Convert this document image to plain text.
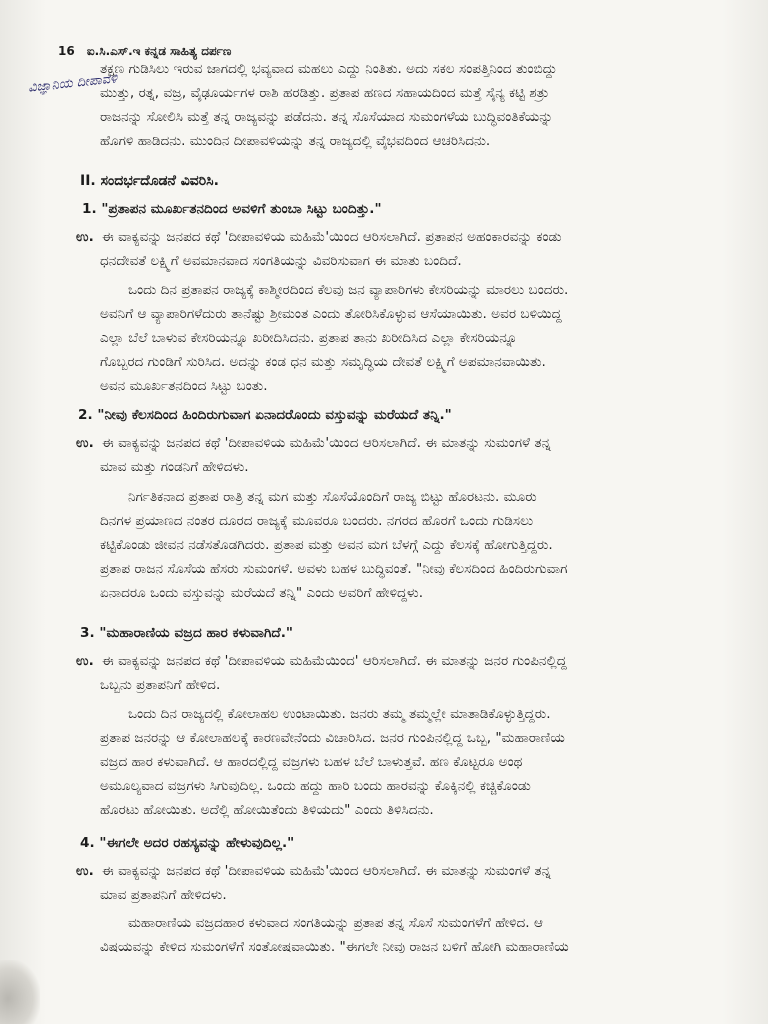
16 ಐ.ಸಿ.ಎಸ್.ಇ ಕನ್ನಡ ಸಾಹಿತ್ಯ ದರ್ಪಣ
ವಿಜ್ಞಾನಿಯ ದೀಪಾವಳಿ
ತಕ್ಷಣ ಗುಡಿಸಿಲು ಇರುವ ಜಾಗದಲ್ಲಿ ಭವ್ಯವಾದ ಮಹಲು ಎದ್ದು ನಿಂತಿತು. ಅದು ಸಕಲ ಸಂಪತ್ತಿನಿಂದ ತುಂಬಿದ್ದು
ಮುತ್ತು, ರತ್ನ, ವಜ್ರ, ವೈಢೂರ್ಯಗಳ ರಾಶಿ ಹರಡಿತ್ತು. ಪ್ರತಾಪ ಹಣದ ಸಹಾಯದಿಂದ ಮತ್ತೆ ಸೈನ್ಯ ಕಟ್ಟಿ ಶತ್ರು
ರಾಜನನ್ನು ಸೋಲಿಸಿ ಮತ್ತೆ ತನ್ನ ರಾಜ್ಯವನ್ನು ಪಡೆದನು. ತನ್ನ ಸೊಸೆಯಾದ ಸುಮಂಗಳೆಯ ಬುದ್ಧಿವಂತಿಕೆಯನ್ನು
ಹೊಗಳಿ ಹಾಡಿದನು. ಮುಂದಿನ ದೀಪಾವಳಿಯನ್ನು ತನ್ನ ರಾಜ್ಯದಲ್ಲಿ ವೈಭವದಿಂದ ಆಚರಿಸಿದನು.
II. ಸಂದರ್ಭದೊಡನೆ ವಿವರಿಸಿ.
1. "ಪ್ರತಾಪನ ಮೂರ್ಖತನದಿಂದ ಅವಳಿಗೆ ತುಂಬಾ ಸಿಟ್ಟು ಬಂದಿತ್ತು."
ಉ. ಈ ವಾಕ್ಯವನ್ನು ಜನಪದ ಕಥೆ 'ದೀಪಾವಳಿಯ ಮಹಿಮೆ'ಯಿಂದ ಆರಿಸಲಾಗಿದೆ. ಪ್ರತಾಪನ ಅಹಂಕಾರವನ್ನು ಕಂಡು
ಧನದೇವತೆ ಲಕ್ಷ್ಮಿಗೆ ಅವಮಾನವಾದ ಸಂಗತಿಯನ್ನು ವಿವರಿಸುವಾಗ ಈ ಮಾತು ಬಂದಿದೆ.
ಒಂದು ದಿನ ಪ್ರತಾಪನ ರಾಜ್ಯಕ್ಕೆ ಕಾಶ್ಮೀರದಿಂದ ಕೆಲವು ಜನ ವ್ಯಾಪಾರಿಗಳು ಕೇಸರಿಯನ್ನು ಮಾರಲು ಬಂದರು.
ಅವನಿಗೆ ಆ ವ್ಯಾಪಾರಿಗಳೆದುರು ತಾನೆಷ್ಟು ಶ್ರೀಮಂತ ಎಂದು ತೋರಿಸಿಕೊಳ್ಳುವ ಆಸೆಯಾಯಿತು. ಅವರ ಬಳಿಯಿದ್ದ
ಎಲ್ಲಾ ಬೆಲೆ ಬಾಳುವ ಕೇಸರಿಯನ್ನೂ ಖರೀದಿಸಿದನು. ಪ್ರತಾಪ ತಾನು ಖರೀದಿಸಿದ ಎಲ್ಲಾ ಕೇಸರಿಯನ್ನೂ
ಗೊಬ್ಬರದ ಗುಂಡಿಗೆ ಸುರಿಸಿದ. ಅದನ್ನು ಕಂಡ ಧನ ಮತ್ತು ಸಮೃದ್ಧಿಯ ದೇವತೆ ಲಕ್ಷ್ಮಿಗೆ ಅಪಮಾನವಾಯಿತು.
ಅವನ ಮೂರ್ಖತನದಿಂದ ಸಿಟ್ಟು ಬಂತು.
2. "ನೀವು ಕೆಲಸದಿಂದ ಹಿಂದಿರುಗುವಾಗ ಏನಾದರೊಂದು ವಸ್ತುವನ್ನು ಮರೆಯದೆ ತನ್ನಿ."
ಉ. ಈ ವಾಕ್ಯವನ್ನು ಜನಪದ ಕಥೆ 'ದೀಪಾವಳಿಯ ಮಹಿಮೆ'ಯಿಂದ ಆರಿಸಲಾಗಿದೆ. ಈ ಮಾತನ್ನು ಸುಮಂಗಳೆ ತನ್ನ
ಮಾವ ಮತ್ತು ಗಂಡನಿಗೆ ಹೇಳಿದಳು.
ನಿರ್ಗತಿಕನಾದ ಪ್ರತಾಪ ರಾತ್ರಿ ತನ್ನ ಮಗ ಮತ್ತು ಸೊಸೆಯೊಂದಿಗೆ ರಾಜ್ಯ ಬಿಟ್ಟು ಹೊರಟನು. ಮೂರು
ದಿನಗಳ ಪ್ರಯಾಣದ ನಂತರ ದೂರದ ರಾಜ್ಯಕ್ಕೆ ಮೂವರೂ ಬಂದರು. ನಗರದ ಹೊರಗೆ ಒಂದು ಗುಡಿಸಲು
ಕಟ್ಟಿಕೊಂಡು ಜೀವನ ನಡೆಸತೊಡಗಿದರು. ಪ್ರತಾಪ ಮತ್ತು ಅವನ ಮಗ ಬೆಳಗ್ಗೆ ಎದ್ದು ಕೆಲಸಕ್ಕೆ ಹೋಗುತ್ತಿದ್ದರು.
ಪ್ರತಾಪ ರಾಜನ ಸೊಸೆಯ ಹೆಸರು ಸುಮಂಗಳೆ. ಅವಳು ಬಹಳ ಬುದ್ಧಿವಂತೆ. "ನೀವು ಕೆಲಸದಿಂದ ಹಿಂದಿರುಗುವಾಗ
ಏನಾದರೂ ಒಂದು ವಸ್ತುವನ್ನು ಮರೆಯದೆ ತನ್ನಿ" ಎಂದು ಅವರಿಗೆ ಹೇಳಿದ್ದಳು.
3. "ಮಹಾರಾಣಿಯ ವಜ್ರದ ಹಾರ ಕಳುವಾಗಿದೆ."
ಉ. ಈ ವಾಕ್ಯವನ್ನು ಜನಪದ ಕಥೆ 'ದೀಪಾವಳಿಯ ಮಹಿಮೆಯಿಂದ' ಆರಿಸಲಾಗಿದೆ. ಈ ಮಾತನ್ನು ಜನರ ಗುಂಪಿನಲ್ಲಿದ್ದ
ಒಬ್ಬನು ಪ್ರತಾಪನಿಗೆ ಹೇಳಿದ.
ಒಂದು ದಿನ ರಾಜ್ಯದಲ್ಲಿ ಕೋಲಾಹಲ ಉಂಟಾಯಿತು. ಜನರು ತಮ್ಮ ತಮ್ಮಲ್ಲೇ ಮಾತಾಡಿಕೊಳ್ಳುತ್ತಿದ್ದರು.
ಪ್ರತಾಪ ಜನರನ್ನು ಆ ಕೋಲಾಹಲಕ್ಕೆ ಕಾರಣವೇನೆಂದು ವಿಚಾರಿಸಿದ. ಜನರ ಗುಂಪಿನಲ್ಲಿದ್ದ ಒಬ್ಬ, "ಮಹಾರಾಣಿಯ
ವಜ್ರದ ಹಾರ ಕಳುವಾಗಿದೆ. ಆ ಹಾರದಲ್ಲಿದ್ದ ವಜ್ರಗಳು ಬಹಳ ಬೆಲೆ ಬಾಳುತ್ತವೆ. ಹಣ ಕೊಟ್ಟರೂ ಅಂಥ
ಅಮೂಲ್ಯವಾದ ವಜ್ರಗಳು ಸಿಗುವುದಿಲ್ಲ. ಒಂದು ಹದ್ದು ಹಾರಿ ಬಂದು ಹಾರವನ್ನು ಕೊಕ್ಕಿನಲ್ಲಿ ಕಚ್ಚಿಕೊಂಡು
ಹೊರಟು ಹೋಯಿತು. ಅದೆಲ್ಲಿ ಹೋಯಿತೆಂದು ತಿಳಿಯದು" ಎಂದು ತಿಳಿಸಿದನು.
4. "ಈಗಲೇ ಅದರ ರಹಸ್ಯವನ್ನು ಹೇಳುವುದಿಲ್ಲ."
ಉ. ಈ ವಾಕ್ಯವನ್ನು ಜನಪದ ಕಥೆ 'ದೀಪಾವಳಿಯ ಮಹಿಮೆ'ಯಿಂದ ಆರಿಸಲಾಗಿದೆ. ಈ ಮಾತನ್ನು ಸುಮಂಗಳೆ ತನ್ನ
ಮಾವ ಪ್ರತಾಪನಿಗೆ ಹೇಳಿದಳು.
ಮಹಾರಾಣಿಯ ವಜ್ರದಹಾರ ಕಳುವಾದ ಸಂಗತಿಯನ್ನು ಪ್ರತಾಪ ತನ್ನ ಸೊಸೆ ಸುಮಂಗಳೆಗೆ ಹೇಳಿದ. ಆ
ವಿಷಯವನ್ನು ಕೇಳಿದ ಸುಮಂಗಳೆಗೆ ಸಂತೋಷವಾಯಿತು. "ಈಗಲೇ ನೀವು ರಾಜನ ಬಳಿಗೆ ಹೋಗಿ ಮಹಾರಾಣಿಯ
